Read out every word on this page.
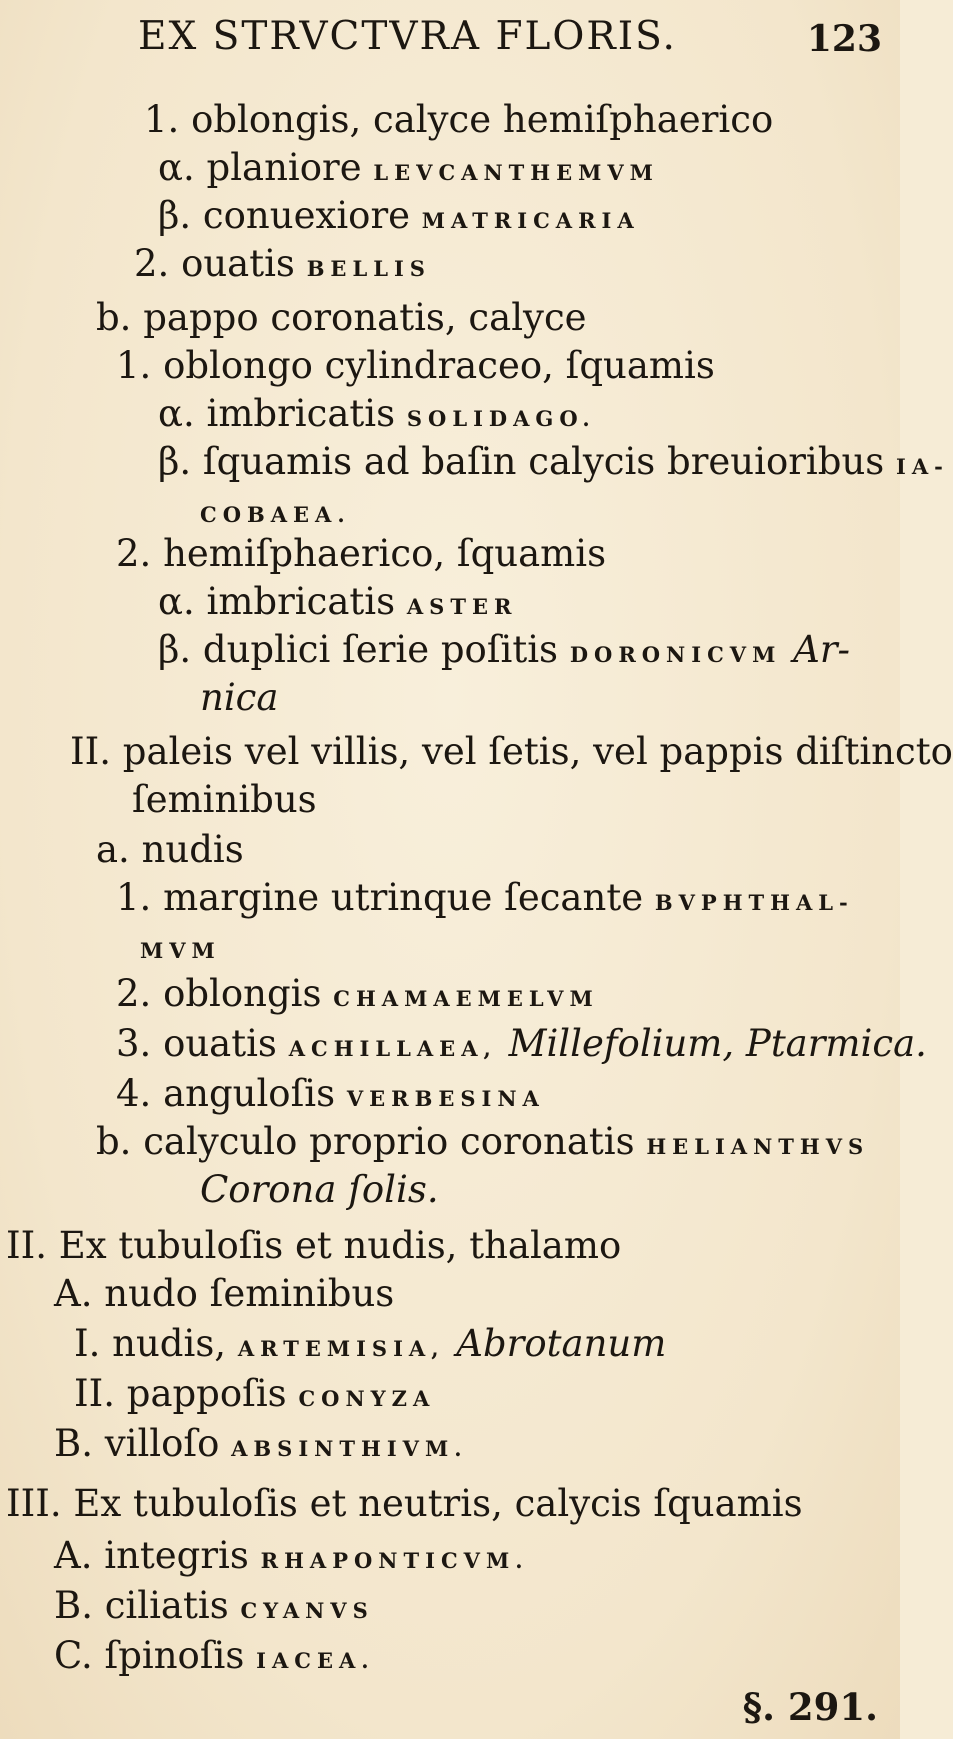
EX STRVCTVRA FLORIS.	123
1. oblongis, calyce hemiſphaerico
α. planiore LEVCANTHEMVM
β. conuexiore MATRICARIA
2. ouatis BELLIS
b. pappo coronatis, calyce
1. oblongo cylindraceo, ſquamis
α. imbricatis SOLIDAGO.
β. ſquamis ad baſin calycis breuioribus IA-
COBAEA.
2. hemiſphaerico, ſquamis
α. imbricatis ASTER
β. duplici ſerie poſitis DORONICVM Ar-
nica
II. paleis vel villis, vel ſetis, vel pappis diſtincto
ſeminibus
a. nudis
1. margine utrinque ſecante BVPHTHAL-
MVM
2. oblongis CHAMAEMELVM
3. ouatis ACHILLAEA, Millefolium, Ptarmica.
4. anguloſis VERBESINA
b. calyculo proprio coronatis HELIANTHVS
Corona ſolis.
II. Ex tubuloſis et nudis, thalamo
A. nudo ſeminibus
I. nudis, ARTEMISIA, Abrotanum
II. pappoſis CONYZA
B. villoſo ABSINTHIVM.
III. Ex tubuloſis et neutris, calycis ſquamis
A. integris RHAPONTICVM.
B. ciliatis CYANVS
C. ſpinoſis IACEA.
§. 291.
